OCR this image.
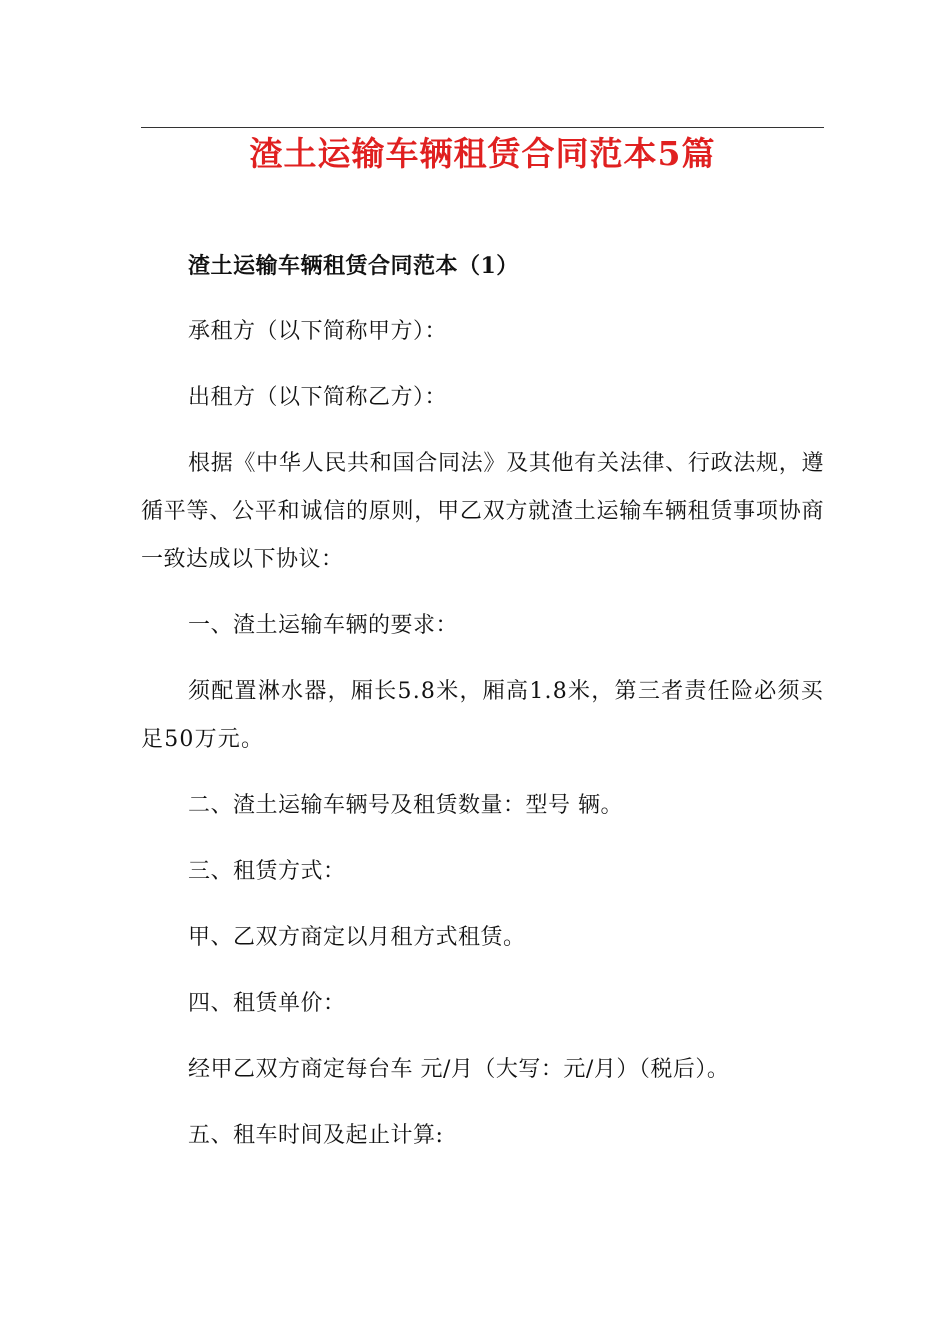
渣土运输车辆租赁合同范本5篇

渣土运输车辆租赁合同范本（1）

承租方（以下简称甲方）：

出租方（以下简称乙方）：

根据《中华人民共和国合同法》及其他有关法律、行政法规，遵循平等、公平和诚信的原则，甲乙双方就渣土运输车辆租赁事项协商一致达成以下协议：

一、渣土运输车辆的要求：

须配置淋水器，厢长5.8米，厢高1.8米，第三者责任险必须买足50万元。

二、渣土运输车辆号及租赁数量：型号 辆。

三、租赁方式：

甲、乙双方商定以月租方式租赁。

四、租赁单价：

经甲乙双方商定每台车 元/月（大写：元/月）（税后）。

五、租车时间及起止计算:
